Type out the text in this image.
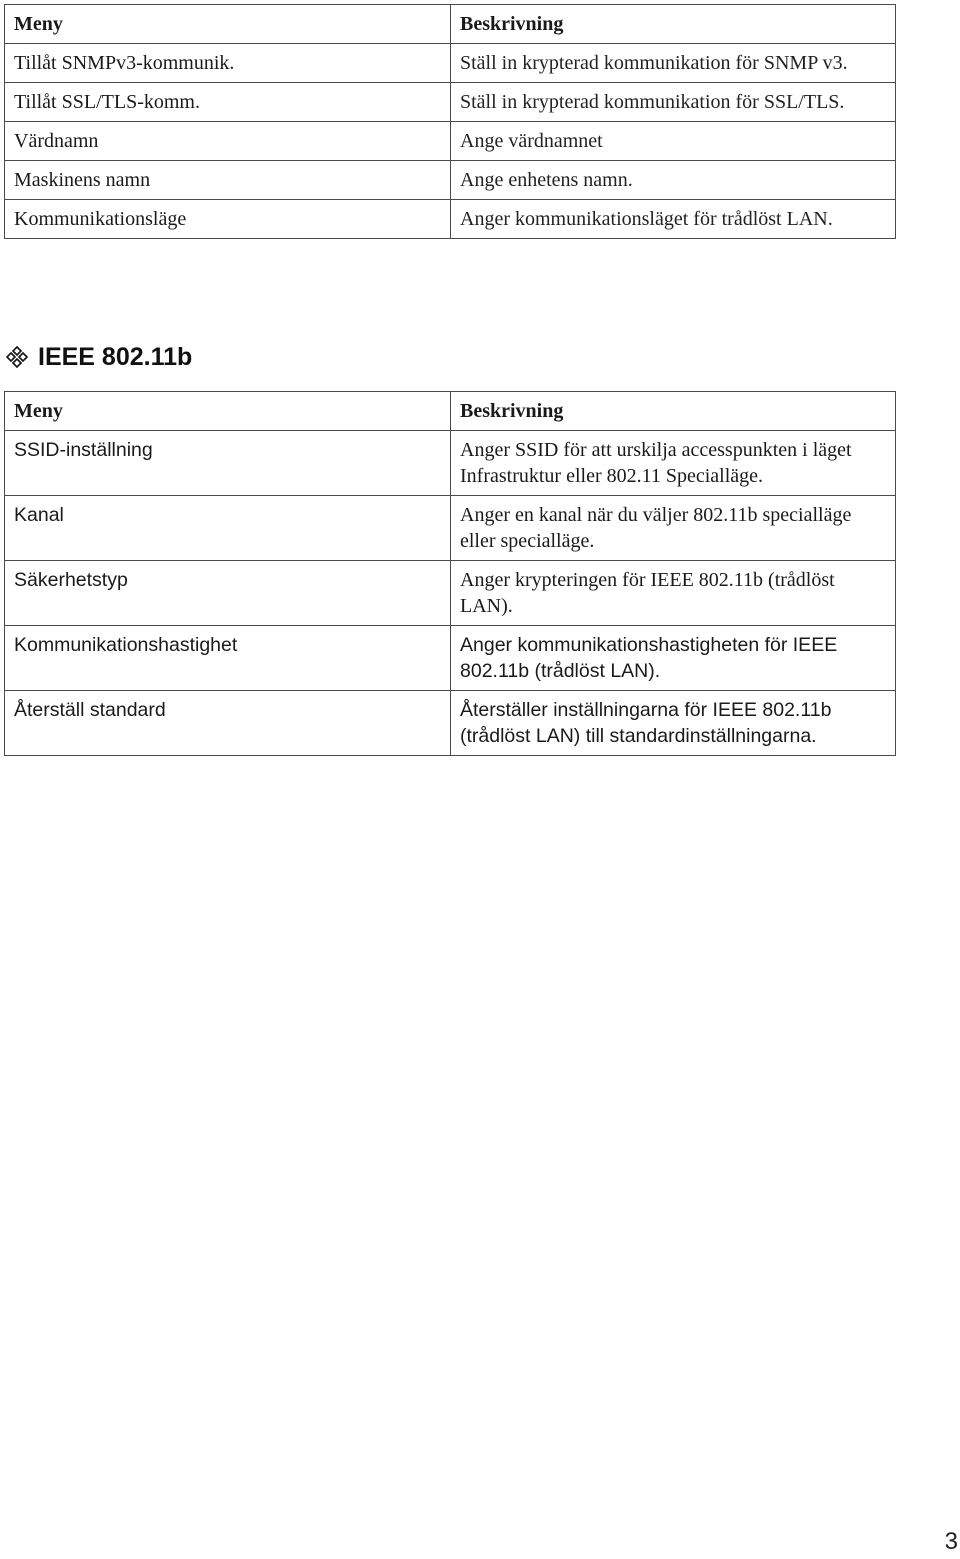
Meny	Beskrivning
Tillåt SNMPv3-kommunik.	Ställ in krypterad kommunikation för SNMP v3.
Tillåt SSL/TLS-komm.	Ställ in krypterad kommunikation för SSL/TLS.
Värdnamn	Ange värdnamnet
Maskinens namn	Ange enhetens namn.
Kommunikationsläge	Anger kommunikationsläget för trådlöst LAN.
IEEE 802.11b
Meny	Beskrivning
SSID-inställning	Anger SSID för att urskilja accesspunkten i läget Infrastruktur eller 802.11 Specialläge.
Kanal	Anger en kanal när du väljer 802.11b specialläge eller specialläge.
Säkerhetstyp	Anger krypteringen för IEEE 802.11b (trådlöst LAN).
Kommunikationshastighet	Anger kommunikationshastigheten för IEEE 802.11b (trådlöst LAN).
Återställ standard	Återställer inställningarna för IEEE 802.11b (trådlöst LAN) till standardinställningarna.
3
